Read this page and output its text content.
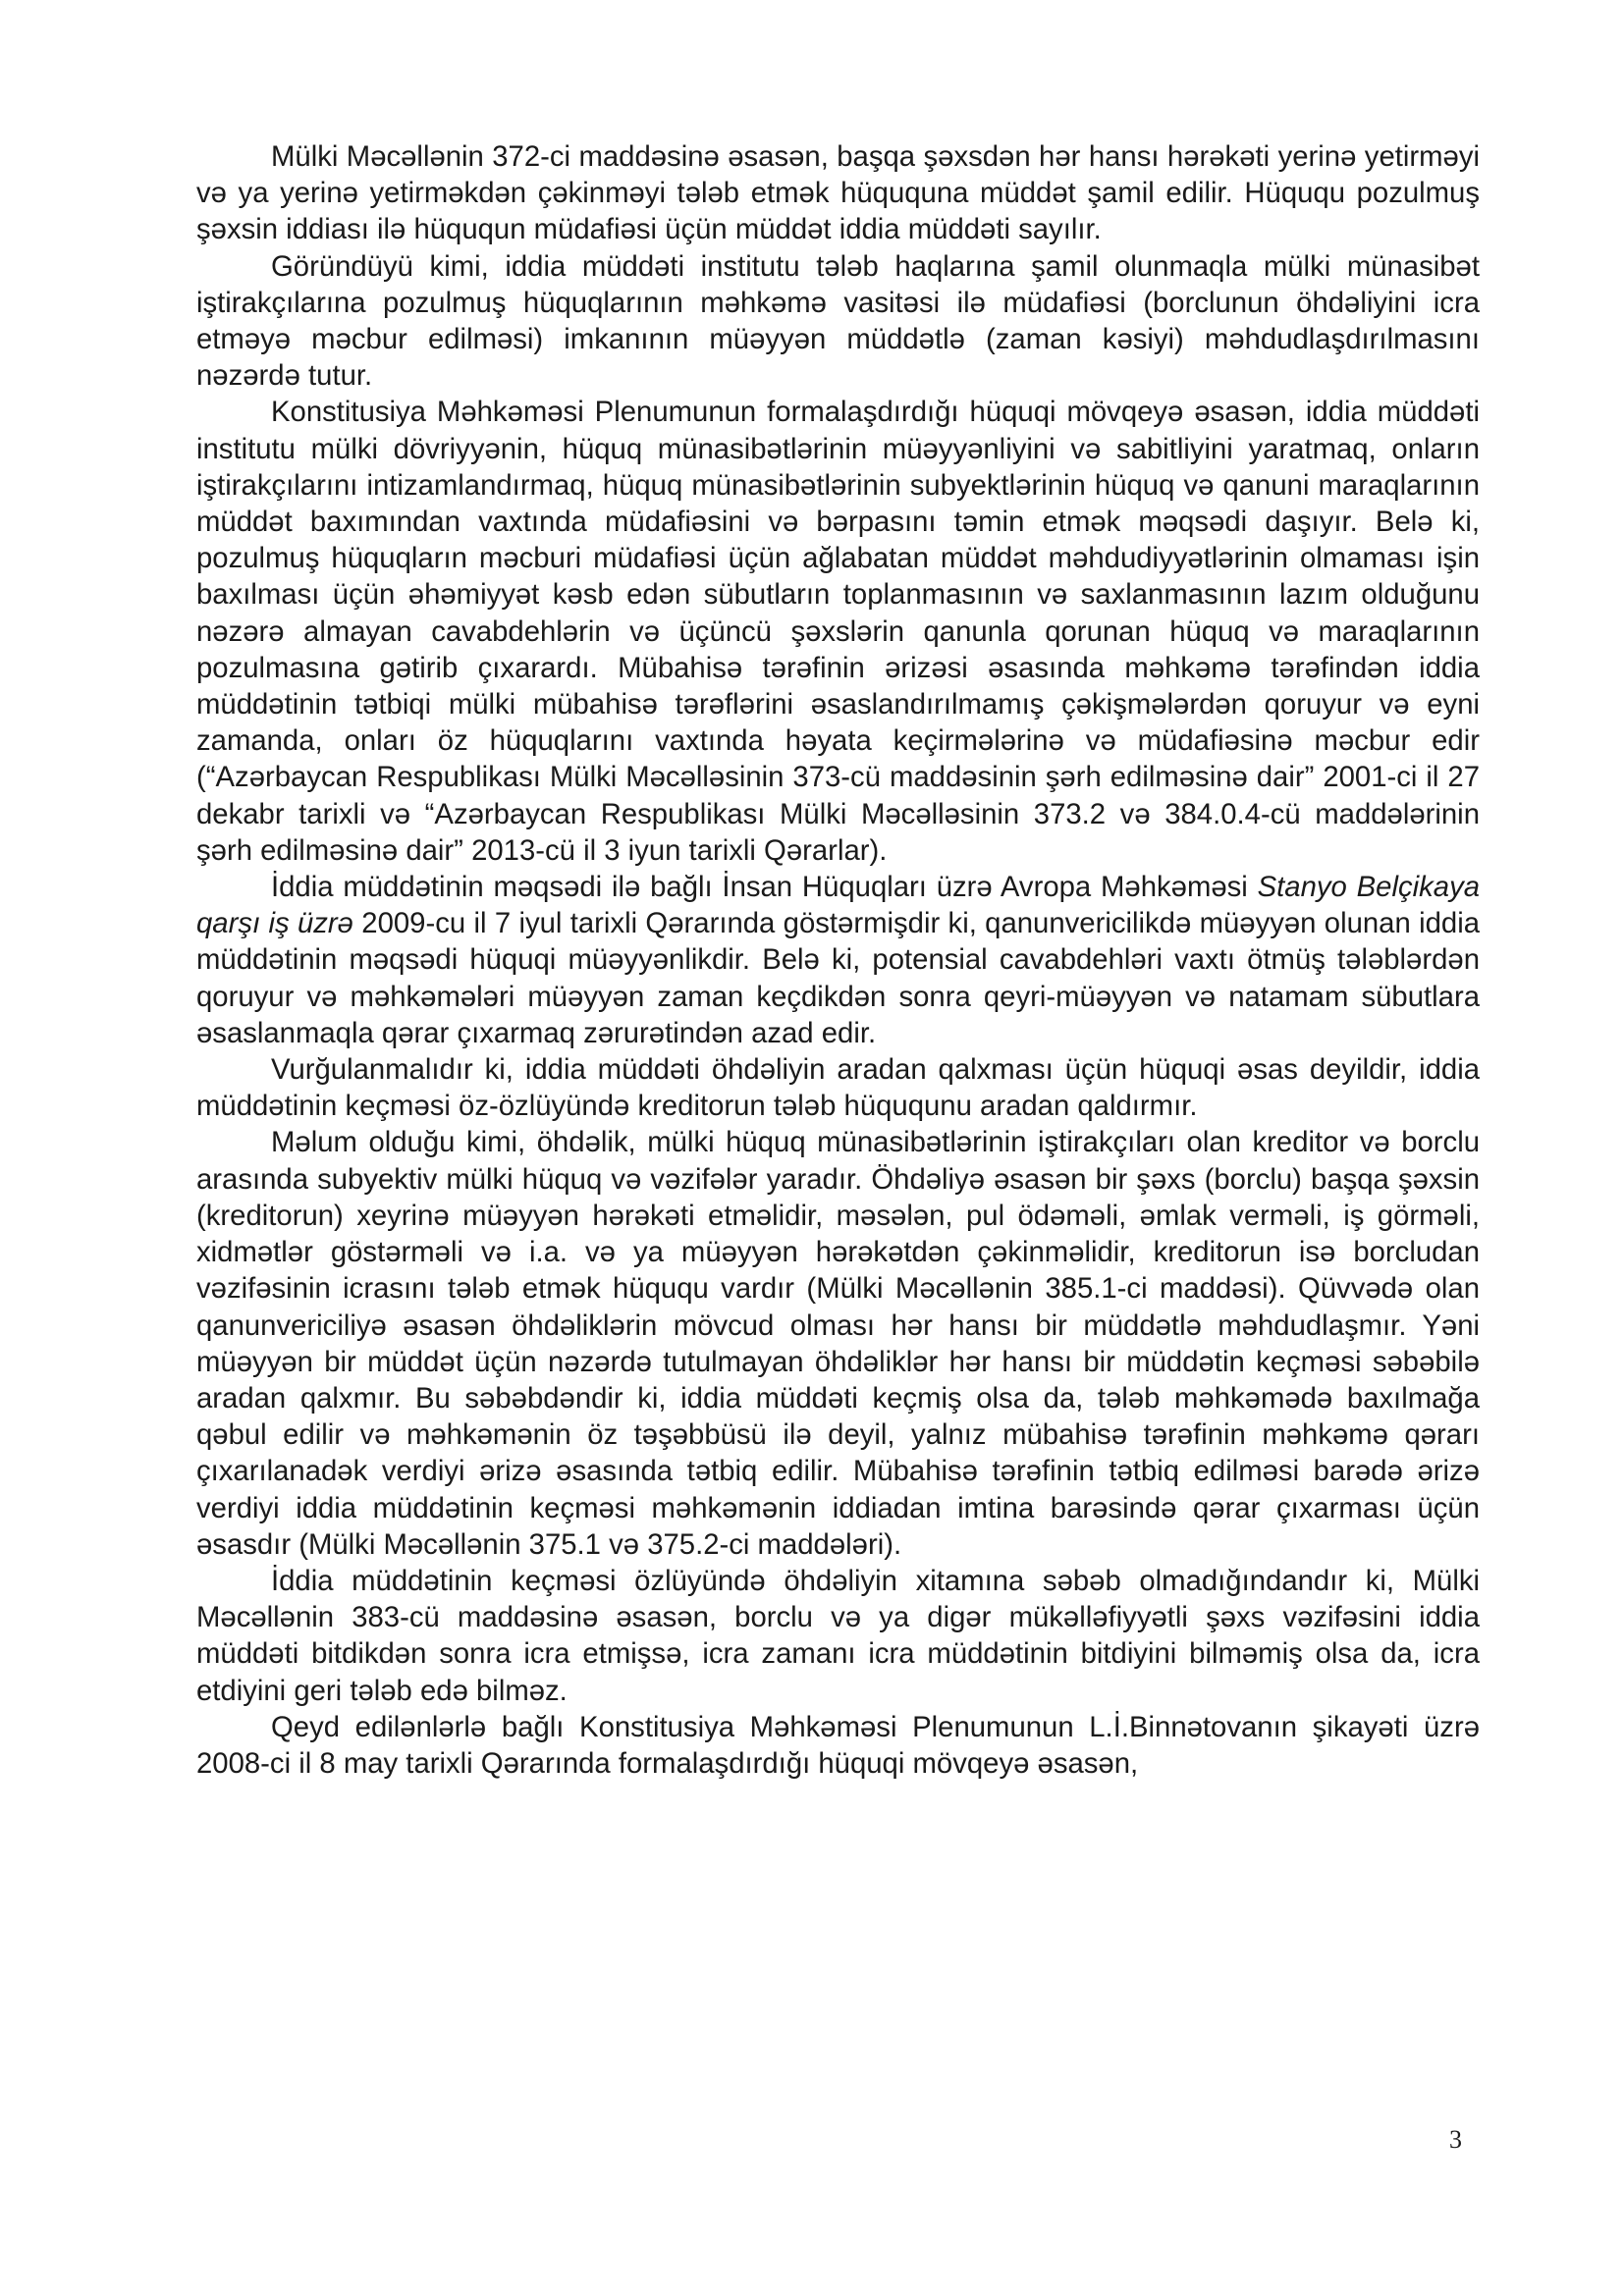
Mülki Məcəllənin 372-ci maddəsinə əsasən, başqa şəxsdən hər hansı hərəkəti yerinə yetirməyi və ya yerinə yetirməkdən çəkinməyi tələb etmək hüququna müddət şamil edilir. Hüququ pozulmuş şəxsin iddiası ilə hüququn müdafiəsi üçün müddət iddia müddəti sayılır.

Göründüyü kimi, iddia müddəti institutu tələb haqlarına şamil olunmaqla mülki münasibət iştirakçılarına pozulmuş hüquqlarının məhkəmə vasitəsi ilə müdafiəsi (borclunun öhdəliyini icra etməyə məcbur edilməsi) imkanının müəyyən müddətlə (zaman kəsiyi) məhdudlaşdırılmasını nəzərdə tutur.

Konstitusiya Məhkəməsi Plenumunun formalaşdırdığı hüquqi mövqeyə əsasən, iddia müddəti institutu mülki dövriyyənin, hüquq münasibətlərinin müəyyənliyini və sabitliyini yaratmaq, onların iştirakçılarını intizamlandırmaq, hüquq münasibətlərinin subyektlərinin hüquq və qanuni maraqlarının müddət baxımından vaxtında müdafiəsini və bərpasını təmin etmək məqsədi daşıyır. Belə ki, pozulmuş hüquqların məcburi müdafiəsi üçün ağlabatan müddət məhdudiyyətlərinin olmaması işin baxılması üçün əhəmiyyət kəsb edən sübutların toplanmasının və saxlanmasının lazım olduğunu nəzərə almayan cavabdehlərin və üçüncü şəxslərin qanunla qorunan hüquq və maraqlarının pozulmasına gətirib çıxarardı. Mübahisə tərəfinin ərizəsi əsasında məhkəmə tərəfindən iddia müddətinin tətbiqi mülki mübahisə tərəflərini əsaslandırılmamış çəkişmələrdən qoruyur və eyni zamanda, onları öz hüquqlarını vaxtında həyata keçirmələrinə və müdafiəsinə məcbur edir (“Azərbaycan Respublikası Mülki Məcəlləsinin 373-cü maddəsinin şərh edilməsinə dair” 2001-ci il 27 dekabr tarixli və “Azərbaycan Respublikası Mülki Məcəlləsinin 373.2 və 384.0.4-cü maddələrinin şərh edilməsinə dair” 2013-cü il 3 iyun tarixli Qərarlar).

İddia müddətinin məqsədi ilə bağlı İnsan Hüquqları üzrə Avropa Məhkəməsi Stanyo Belçikaya qarşı iş üzrə 2009-cu il 7 iyul tarixli Qərarında göstərmişdir ki, qanunvericilikdə müəyyən olunan iddia müddətinin məqsədi hüquqi müəyyənlikdir. Belə ki, potensial cavabdehləri vaxtı ötmüş tələblərdən qoruyur və məhkəmələri müəyyən zaman keçdikdən sonra qeyri-müəyyən və natamam sübutlara əsaslanmaqla qərar çıxarmaq zərurətindən azad edir.

Vurğulanmalıdır ki, iddia müddəti öhdəliyin aradan qalxması üçün hüquqi əsas deyildir, iddia müddətinin keçməsi öz-özlüyündə kreditorun tələb hüququnu aradan qaldırmır.

Məlum olduğu kimi, öhdəlik, mülki hüquq münasibətlərinin iştirakçıları olan kreditor və borclu arasında subyektiv mülki hüquq və vəzifələr yaradır. Öhdəliyə əsasən bir şəxs (borclu) başqa şəxsin (kreditorun) xeyrinə müəyyən hərəkəti etməlidir, məsələn, pul ödəməli, əmlak verməli, iş görməli, xidmətlər göstərməli və i.a. və ya müəyyən hərəkətdən çəkinməlidir, kreditorun isə borcludan vəzifəsinin icrasını tələb etmək hüququ vardır (Mülki Məcəllənin 385.1-ci maddəsi). Qüvvədə olan qanunvericiliyə əsasən öhdəliklərin mövcud olması hər hansı bir müddətlə məhdudlaşmır. Yəni müəyyən bir müddət üçün nəzərdə tutulmayan öhdəliklər hər hansı bir müddətin keçməsi səbəbilə aradan qalxmır. Bu səbəbdəndir ki, iddia müddəti keçmiş olsa da, tələb məhkəmədə baxılmağa qəbul edilir və məhkəmənin öz təşəbbüsü ilə deyil, yalnız mübahisə tərəfinin məhkəmə qərarı çıxarılanadək verdiyi ərizə əsasında tətbiq edilir. Mübahisə tərəfinin tətbiq edilməsi barədə ərizə verdiyi iddia müddətinin keçməsi məhkəmənin iddiadan imtina barəsində qərar çıxarması üçün əsasdır (Mülki Məcəllənin 375.1 və 375.2-ci maddələri).

İddia müddətinin keçməsi özlüyündə öhdəliyin xitamına səbəb olmadığındandır ki, Mülki Məcəllənin 383-cü maddəsinə əsasən, borclu və ya digər mükəlləfiyyətli şəxs vəzifəsini iddia müddəti bitdikdən sonra icra etmişsə, icra zamanı icra müddətinin bitdiyini bilməmiş olsa da, icra etdiyini geri tələb edə bilməz.

Qeyd edilənlərlə bağlı Konstitusiya Məhkəməsi Plenumunun L.İ.Binnətovanın şikayəti üzrə 2008-ci il 8 may tarixli Qərarında formalaşdırdığı hüquqi mövqeyə əsasən,

3
